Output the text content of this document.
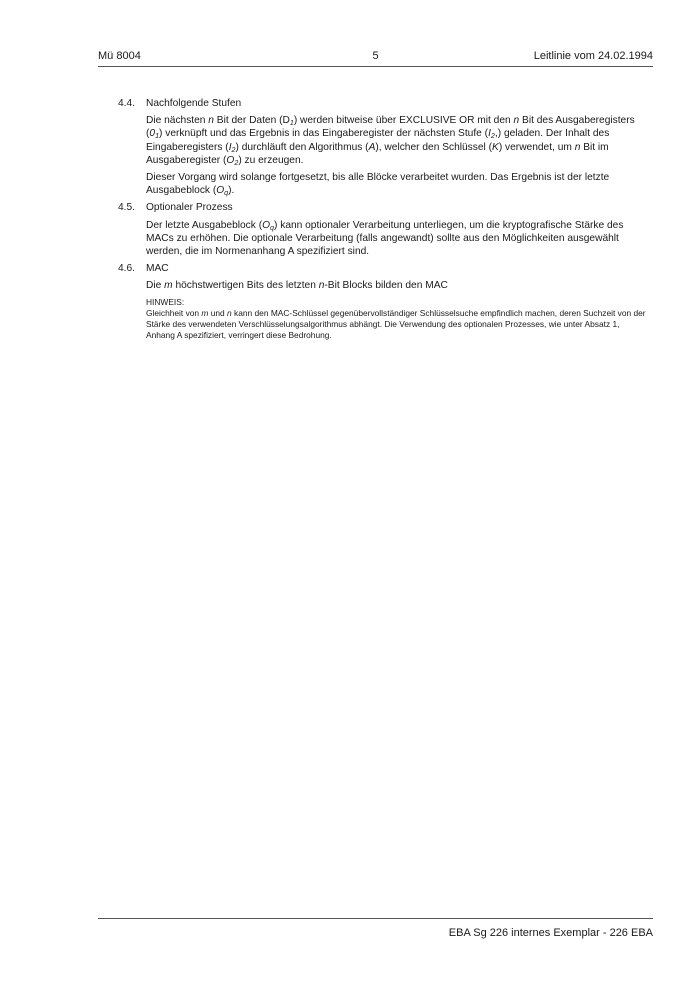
Mü 8004	5	Leitlinie vom 24.02.1994
4.4. Nachfolgende Stufen

Die nächsten n Bit der Daten $(D_1)$ werden bitweise über EXCLUSIVE OR mit den n Bit des Ausgaberegisters $(0_1)$ verknüpft und das Ergebnis in das Eingaberegister der nächsten Stufe $(I_2,)$ geladen. Der Inhalt des Eingaberegisters $(I_2)$ durchläuft den Algorithmus (A), welcher den Schlüssel (K) verwendet, um n Bit im Ausgaberegister $(O_2)$ zu erzeugen.

Dieser Vorgang wird solange fortgesetzt, bis alle Blöcke verarbeitet wurden. Das Ergebnis ist der letzte Ausgabeblock $(O_q)$.

4.5. Optionaler Prozess

Der letzte Ausgabeblock $(O_q)$ kann optionaler Verarbeitung unterliegen, um die kryptografische Stärke des MACs zu erhöhen. Die optionale Verarbeitung (falls angewandt) sollte aus den Möglichkeiten ausgewählt werden, die im Normenanhang A spezifiziert sind.

4.6. MAC

Die m höchstwertigen Bits des letzten n-Bit Blocks bilden den MAC

HINWEIS:
Gleichheit von m und n kann den MAC-Schlüssel gegenübervollständiger Schlüsselsuche empfindlich machen, deren Suchzeit von der Stärke des verwendeten Verschlüsselungsalgorithmus abhängt. Die Verwendung des optionalen Prozesses, wie unter Absatz 1, Anhang A spezifiziert, verringert diese Bedrohung.
EBA Sg 226 internes Exemplar - 226 EBA
